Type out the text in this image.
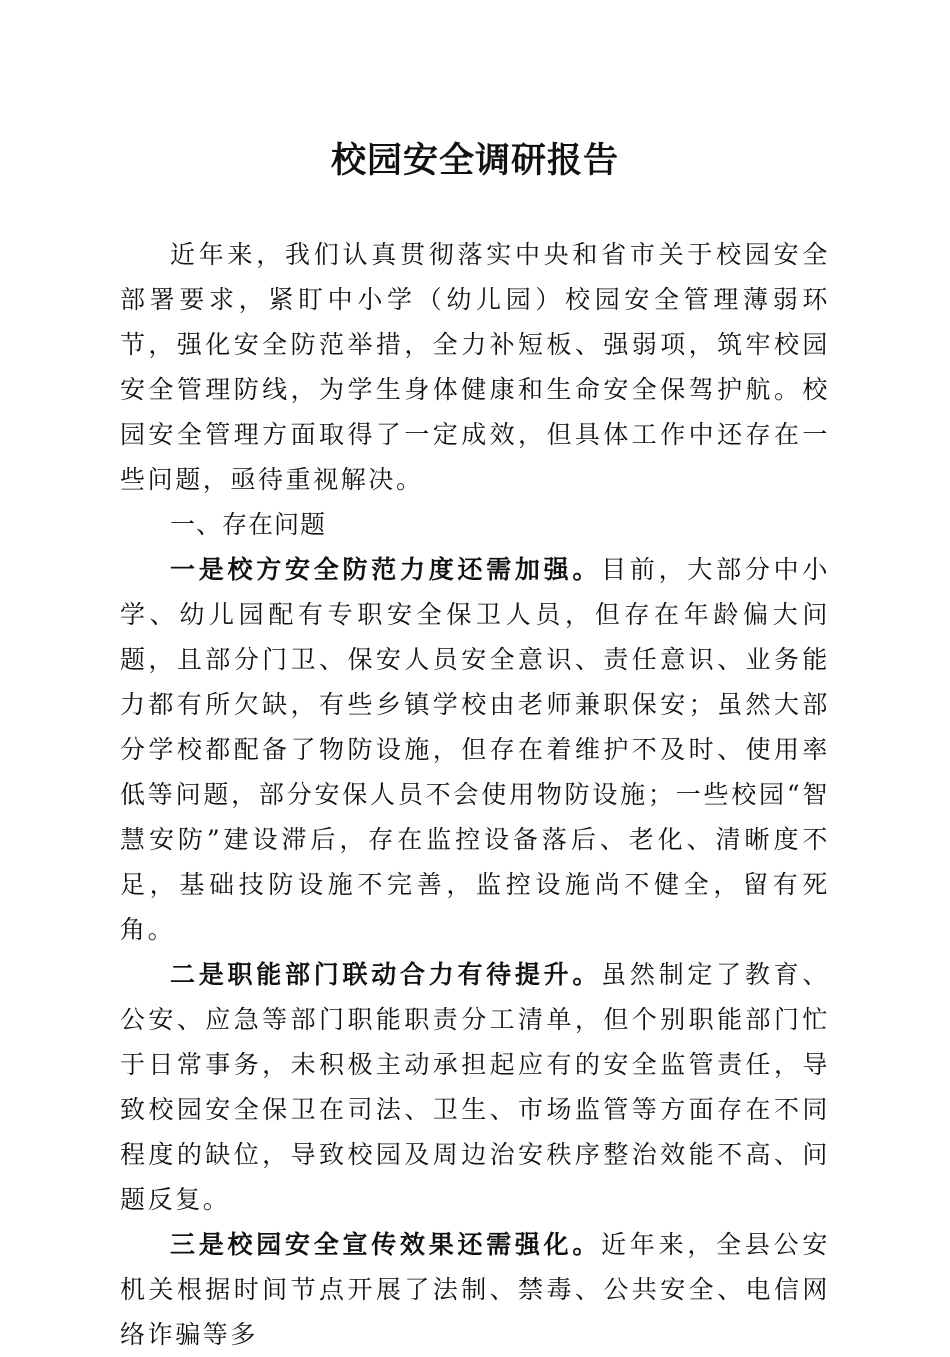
校园安全调研报告

近年来，我们认真贯彻落实中央和省市关于校园安全部署要求，紧盯中小学（幼儿园）校园安全管理薄弱环节，强化安全防范举措，全力补短板、强弱项，筑牢校园安全管理防线，为学生身体健康和生命安全保驾护航。校园安全管理方面取得了一定成效，但具体工作中还存在一些问题，亟待重视解决。

一、存在问题

一是校方安全防范力度还需加强。目前，大部分中小学、幼儿园配有专职安全保卫人员，但存在年龄偏大问题，且部分门卫、保安人员安全意识、责任意识、业务能力都有所欠缺，有些乡镇学校由老师兼职保安；虽然大部分学校都配备了物防设施，但存在着维护不及时、使用率低等问题，部分安保人员不会使用物防设施；一些校园“智慧安防”建设滞后，存在监控设备落后、老化、清晰度不足，基础技防设施不完善，监控设施尚不健全，留有死角。

二是职能部门联动合力有待提升。虽然制定了教育、公安、应急等部门职能职责分工清单，但个别职能部门忙于日常事务，未积极主动承担起应有的安全监管责任，导致校园安全保卫在司法、卫生、市场监管等方面存在不同程度的缺位，导致校园及周边治安秩序整治效能不高、问题反复。

三是校园安全宣传效果还需强化。近年来，全县公安机关根据时间节点开展了法制、禁毒、公共安全、电信网络诈骗等多
